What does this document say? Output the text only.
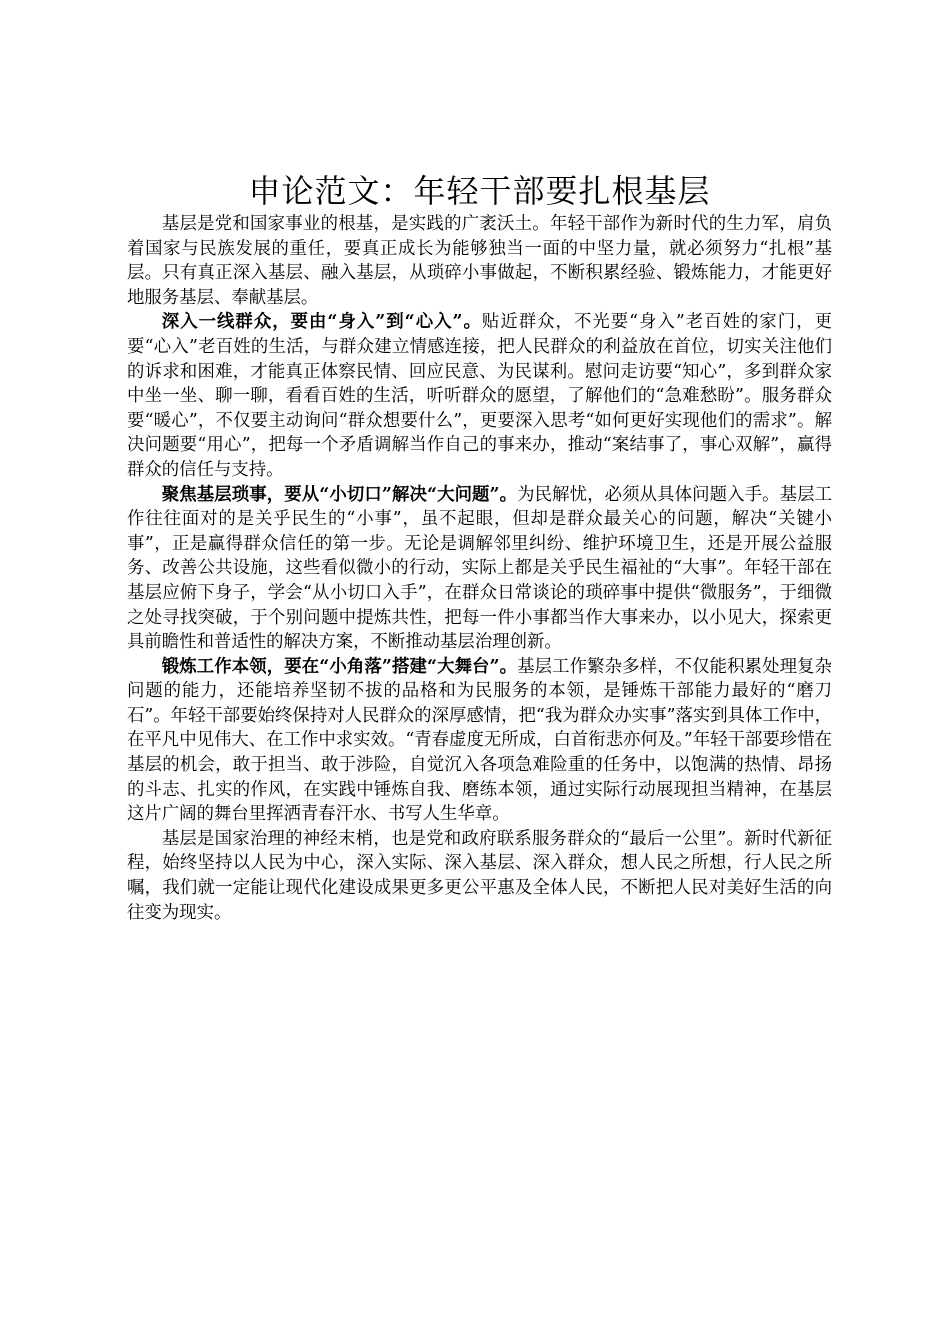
申论范文：年轻干部要扎根基层

基层是党和国家事业的根基，是实践的广袤沃土。年轻干部作为新时代的生力军，肩负着国家与民族发展的重任，要真正成长为能够独当一面的中坚力量，就必须努力“扎根”基层。只有真正深入基层、融入基层，从琐碎小事做起，不断积累经验、锻炼能力，才能更好地服务基层、奉献基层。

深入一线群众，要由“身入”到“心入”。贴近群众，不光要“身入”老百姓的家门，更要“心入”老百姓的生活，与群众建立情感连接，把人民群众的利益放在首位，切实关注他们的诉求和困难，才能真正体察民情、回应民意、为民谋利。慰问走访要“知心”，多到群众家中坐一坐、聊一聊，看看百姓的生活，听听群众的愿望，了解他们的“急难愁盼”。服务群众要“暖心”，不仅要主动询问“群众想要什么”，更要深入思考“如何更好实现他们的需求”。解决问题要“用心”，把每一个矛盾调解当作自己的事来办，推动“案结事了，事心双解”，赢得群众的信任与支持。

聚焦基层琐事，要从“小切口”解决“大问题”。为民解忧，必须从具体问题入手。基层工作往往面对的是关乎民生的“小事”，虽不起眼，但却是群众最关心的问题，解决“关键小事”，正是赢得群众信任的第一步。无论是调解邻里纠纷、维护环境卫生，还是开展公益服务、改善公共设施，这些看似微小的行动，实际上都是关乎民生福祉的“大事”。年轻干部在基层应俯下身子，学会“从小切口入手”，在群众日常谈论的琐碎事中提供“微服务”，于细微之处寻找突破，于个别问题中提炼共性，把每一件小事都当作大事来办，以小见大，探索更具前瞻性和普适性的解决方案，不断推动基层治理创新。

锻炼工作本领，要在“小角落”搭建“大舞台”。基层工作繁杂多样，不仅能积累处理复杂问题的能力，还能培养坚韧不拔的品格和为民服务的本领，是锤炼干部能力最好的“磨刀石”。年轻干部要始终保持对人民群众的深厚感情，把“我为群众办实事”落实到具体工作中，在平凡中见伟大、在工作中求实效。“青春虚度无所成，白首衔悲亦何及。”年轻干部要珍惜在基层的机会，敢于担当、敢于涉险，自觉沉入各项急难险重的任务中，以饱满的热情、昂扬的斗志、扎实的作风，在实践中锤炼自我、磨练本领，通过实际行动展现担当精神，在基层这片广阔的舞台里挥洒青春汗水、书写人生华章。

基层是国家治理的神经末梢，也是党和政府联系服务群众的“最后一公里”。新时代新征程，始终坚持以人民为中心，深入实际、深入基层、深入群众，想人民之所想，行人民之所嘱，我们就一定能让现代化建设成果更多更公平惠及全体人民，不断把人民对美好生活的向往变为现实。
